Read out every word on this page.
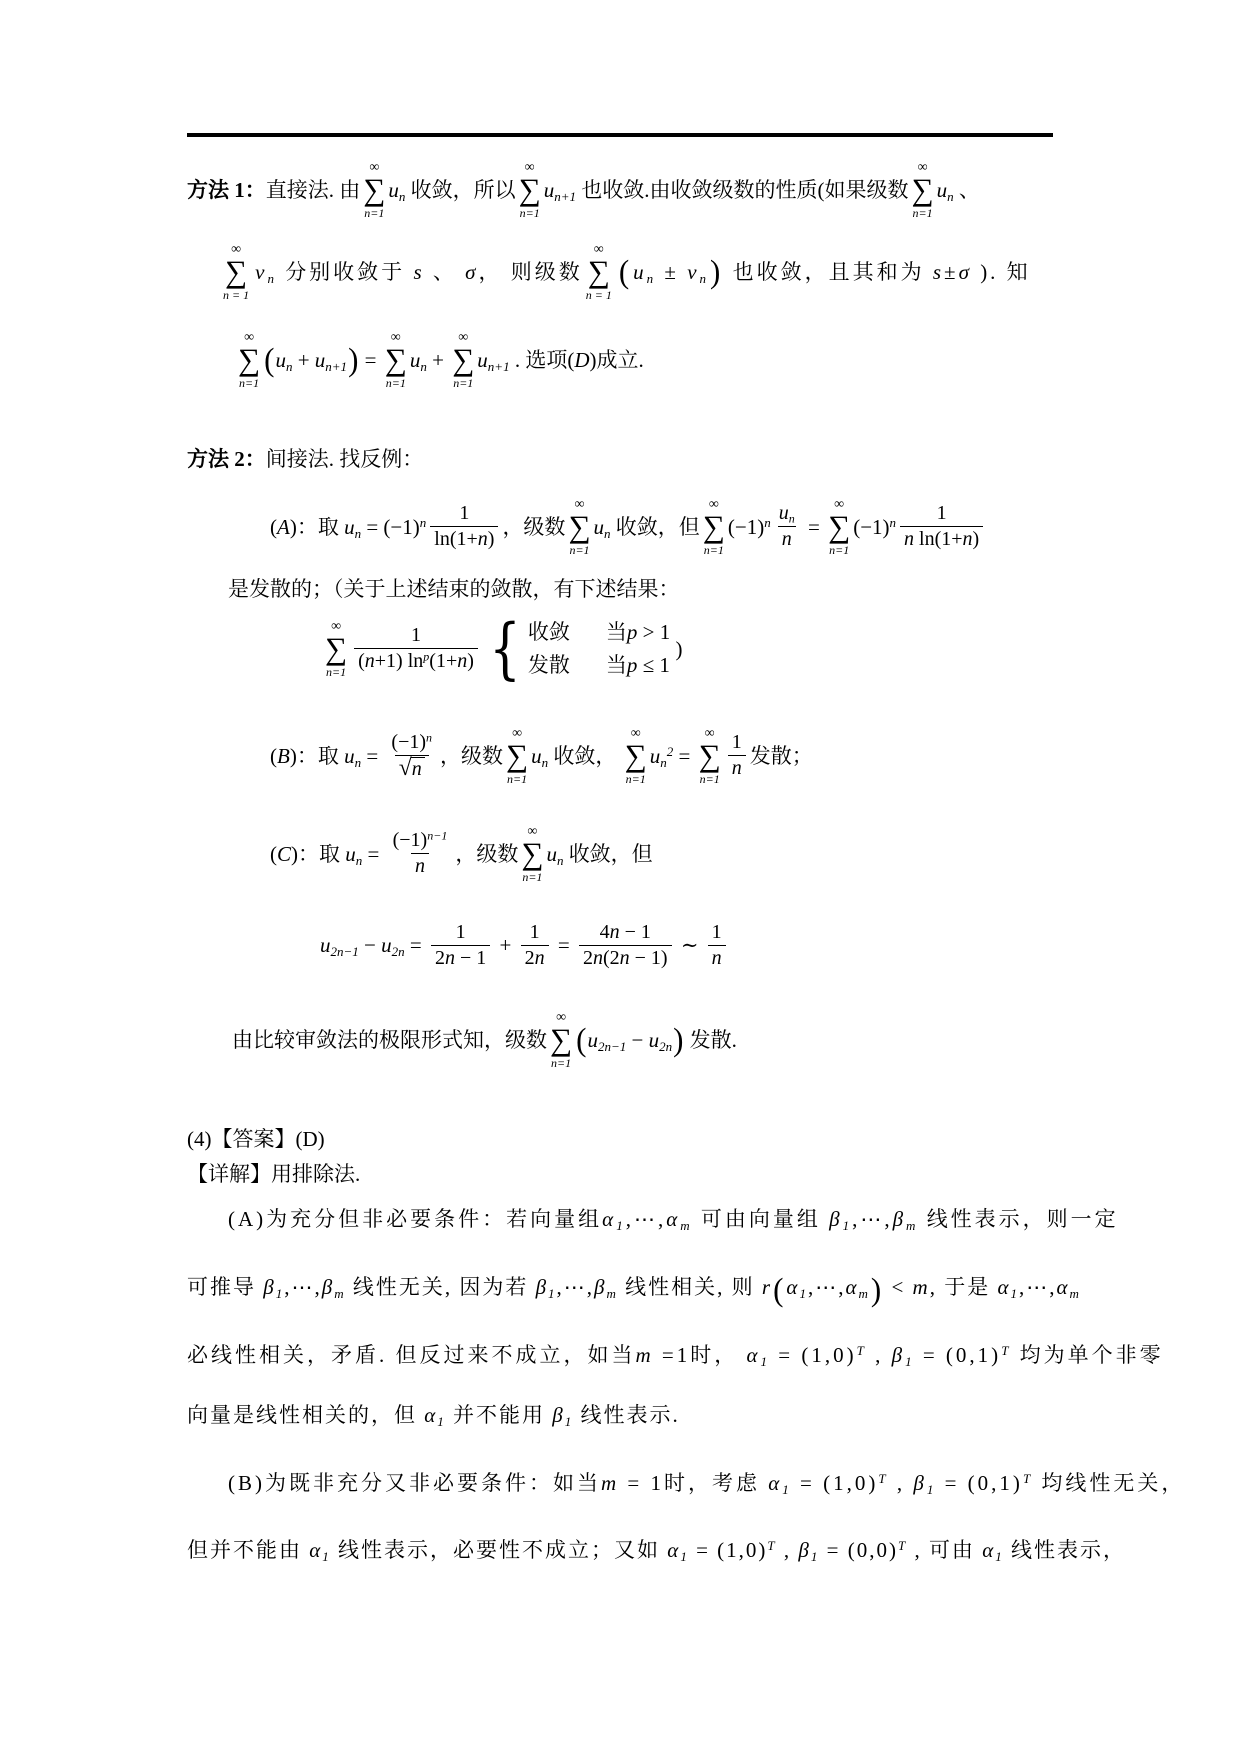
方法 1：直接法. 由
∞
∑
n=1
$u_n$ 收敛，所以
∞
∑
n=1
$u_{n+1}$ 也收敛.由收敛级数的性质(如果级数
∞
∑
n=1
$u_n$ 、
∞
∑
n=1
$v_n$ 分别收敛于 s 、 σ， 则级数
∞
∑
n=1
( $u_n \pm v_n$ ) 也收敛，且其和为 s±σ ). 知
∞
∑
n=1
( $u_n + u_{n+1}$ ) =
∞
∑
n=1
$u_n$ +
∞
∑
n=1
$u_{n+1}$ . 选项(D)成立.
方法 2：间接法. 找反例：
(A)：取 $u_n = (-1)^n \frac{1}{\ln(1+n)}$ ，级数
∞
∑
n=1
$u_n$ 收敛，但
∞
∑
n=1
$(-1)^n \frac{u_n}{n}$ =
∞
∑
n=1
$(-1)^n \frac{1}{\text{n ln(1+n)}}$
是发散的；（关于上述结束的敛散，有下述结果：
∞
∑
$n=1 \frac{1}{(n+1) \ln^p(1+n)}$ { 收敛 当p > 1
发散 当p ≤ 1
)
(B)：取 $u_n = \frac{(-1)^n}{√ n}$ ，级数
∞
∑
n=1
$u_n$ 收敛，
∞
∑
n=1
$u_n^2$ =
∞
∑
$n=1 \frac{1}{n}$ 发散；
(C)：取 $u_n = \frac{(-1)^{n-1}}{n}$ ，级数
∞
∑
n=1
$u_n$ 收敛，但
$u_{2n-1} - u_{2n} = \frac{1}{2n - 1} + \frac{1}{2n} = \frac{4n - 1}{2n(2n - 1)}$ ∼ $\frac{1}{n}$
由比较审敛法的极限形式知，级数
∞
∑
n=1
( $u_{2n-1} - u_{2n}$ ) 发散.
(4)【答案】(D)
【详解】用排除法.
(A)为充分但非必要条件：若向量组$\alpha_1,\cdots,\alpha_m$ 可由向量组 $\beta_1,\cdots,\beta_m$ 线性表示，则一定
可推导 $\beta_1,\cdots,\beta_m$ 线性无关, 因为若 $\beta_1,\cdots,\beta_m$ 线性相关, 则 $r(\alpha_1,\cdots,\alpha_m) < m$, 于是 $\alpha_1,\cdots,\alpha_m$
必线性相关，矛盾. 但反过来不成立，如当m =1时， $\alpha_1 = (1,0)^T$ , $\beta_1 = (0,1)^T$ 均为单个非零
向量是线性相关的，但 $\alpha_1$ 并不能用 $\beta_1$ 线性表示.
(B)为既非充分又非必要条件：如当m = 1时，考虑 $\alpha_1 = (1,0)^T$ , $\beta_1 = (0,1)^T$ 均线性无关，
但并不能由 $\alpha_1$ 线性表示，必要性不成立；又如 $\alpha_1 = (1,0)^T$ , $\beta_1 = (0,0)^T$ , 可由 $\alpha_1$ 线性表示，
